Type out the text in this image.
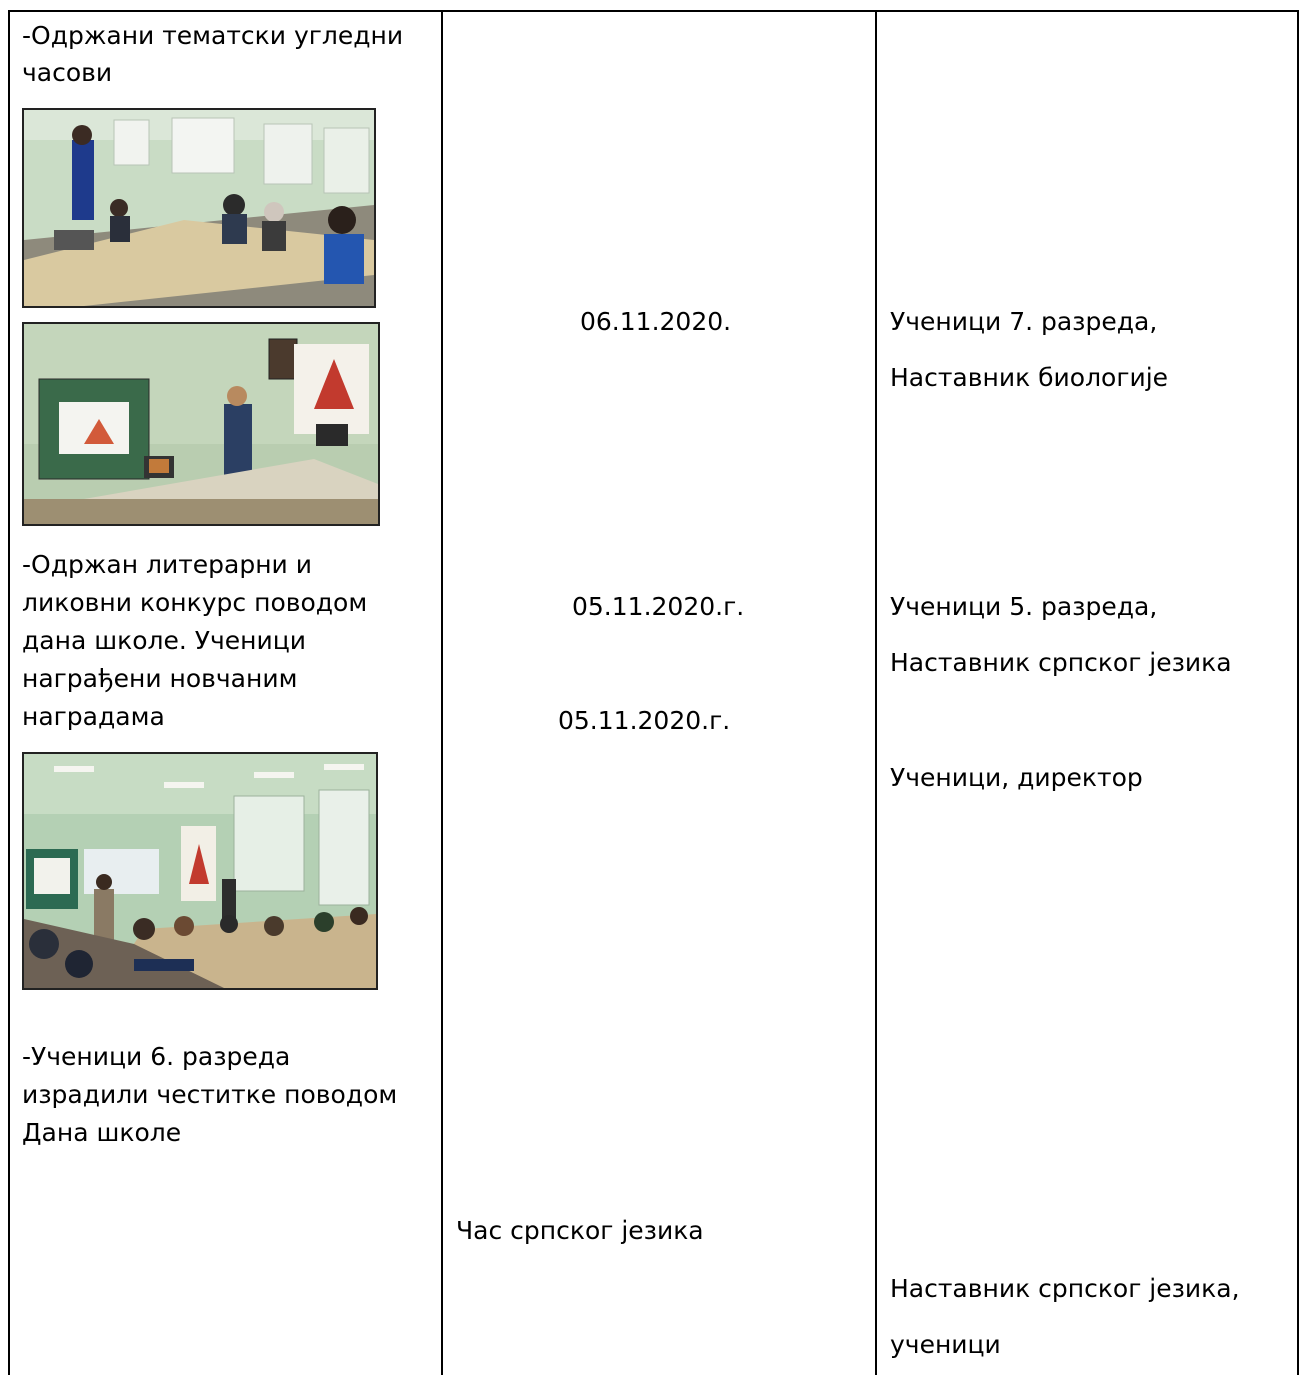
-Одржани тематски угледни
часови
-Одржан литерарни и
ликовни конкурс поводом
дана школе. Ученици
награђени новчаним
наградама
-Ученици 6. разреда
израдили честитке поводом
Дана школе
06.11.2020.
05.11.2020.г.
05.11.2020.г.
Час српског језика
Ученици 7. разреда,
Наставник биологије
Ученици 5. разреда,
Наставник српског језика
Ученици, директор
Наставник српског језика,
ученици
